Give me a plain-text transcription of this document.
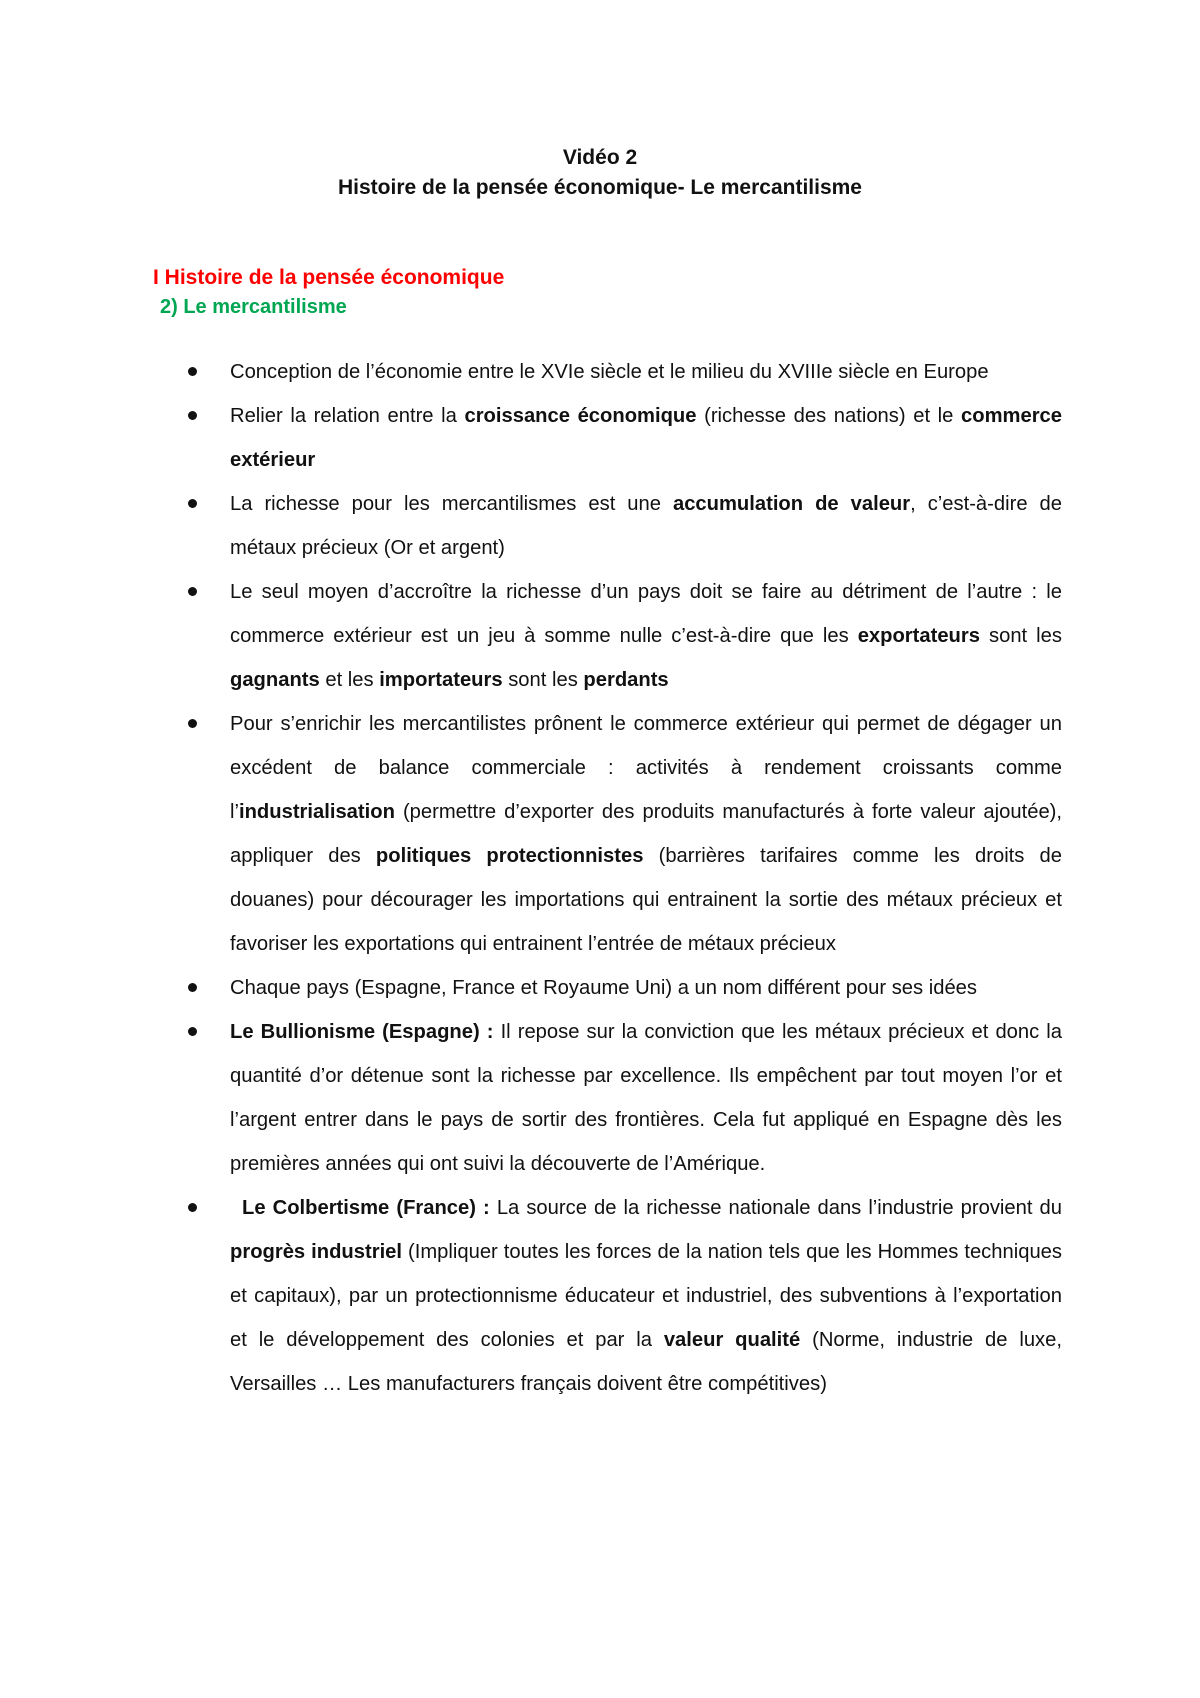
Vidéo 2
Histoire de la pensée économique- Le mercantilisme
I Histoire de la pensée économique
2) Le mercantilisme
Conception de l’économie entre le XVIe siècle et le milieu du XVIIIe siècle en Europe
Relier la relation entre la croissance économique (richesse des nations) et le commerce extérieur
La richesse pour les mercantilismes est une accumulation de valeur, c’est-à-dire de métaux précieux (Or et argent)
Le seul moyen d’accroître la richesse d’un pays doit se faire au détriment de l’autre : le commerce extérieur est un jeu à somme nulle c’est-à-dire que les exportateurs sont les gagnants et les importateurs sont les perdants
Pour s’enrichir les mercantilistes prônent le commerce extérieur qui permet de dégager un excédent de balance commerciale : activités à rendement croissants comme l’industrialisation (permettre d’exporter des produits manufacturés à forte valeur ajoutée), appliquer des politiques protectionnistes (barrières tarifaires comme les droits de douanes) pour décourager les importations qui entrainent la sortie des métaux précieux et favoriser les exportations qui entrainent l’entrée de métaux précieux
Chaque pays (Espagne, France et Royaume Uni) a un nom différent pour ses idées
Le Bullionisme (Espagne) : Il repose sur la conviction que les métaux précieux et donc la quantité d’or détenue sont la richesse par excellence. Ils empêchent par tout moyen l’or et l’argent entrer dans le pays de sortir des frontières. Cela fut appliqué en Espagne dès les premières années qui ont suivi la découverte de l’Amérique.
Le Colbertisme (France) : La source de la richesse nationale dans l’industrie provient du progrès industriel (Impliquer toutes les forces de la nation tels que les Hommes techniques et capitaux), par un protectionnisme éducateur et industriel, des subventions à l’exportation et le développement des colonies et par la valeur qualité (Norme, industrie de luxe, Versailles … Les manufacturers français doivent être compétitives)
